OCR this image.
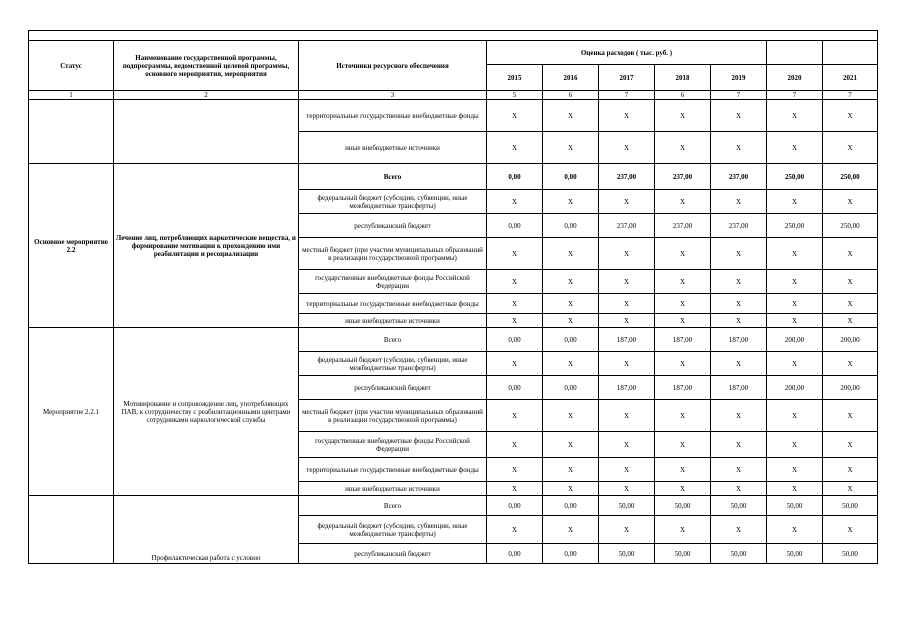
Статус	Наименование государственной программы, подпрограммы, ведомственной целевой программы, основного мероприятия, мероприятия	Источники ресурсного обеспечения	Оценка расходов ( тыс. руб. )						
			2015	2016	2017	2018	2019	2020	2021
1	2	3	5	6	7	6	7	7	7
		территориальные государственные внебюджетные фонды	X	X	X	X	X	X	X
		иные внебюджетные источники	X	X	X	X	X	X	X
Основное мероприятие 2.2	Лечение лиц, потребляющих наркотические вещества, и формирование мотивации к прохождению ими реабилитации и ресоциализации	Всего	0,00	0,00	237,00	237,00	237,00	250,00	250,00
		федеральный бюджет (субсидии, субвенции, иные межбюджетные трансферты)	X	X	X	X	X	X	X
		республиканский бюджет	0,00	0,00	237,00	237,00	237,00	250,00	250,00
		местный бюджет (при участии муниципальных образований в реализации государственной программы)	X	X	X	X	X	X	X
		государственные внебюджетные фонды Российской Федерации	X	X	X	X	X	X	X
		территориальные государственные внебюджетные фонды	X	X	X	X	X	X	X
		иные внебюджетные источники	X	X	X	X	X	X	X
Мероприятие 2.2.1	Мотивирование и сопровождение лиц, употребляющих ПАВ, к сотрудничеству с реабилитационными центрами сотрудниками наркологической службы	Всего	0,00	0,00	187,00	187,00	187,00	200,00	200,00
		федеральный бюджет (субсидии, субвенции, иные межбюджетные трансферты)	X	X	X	X	X	X	X
		республиканский бюджет	0,00	0,00	187,00	187,00	187,00	200,00	200,00
		местный бюджет (при участии муниципальных образований в реализации государственной программы)	X	X	X	X	X	X	X
		государственные внебюджетные фонды Российской Федерации	X	X	X	X	X	X	X
		территориальные государственные внебюджетные фонды	X	X	X	X	X	X	X
		иные внебюджетные источники	X	X	X	X	X	X	X
	Профилактическая работа с условно	Всего	0,00	0,00	50,00	50,00	50,00	50,00	50,00
		федеральный бюджет (субсидии, субвенции, иные межбюджетные трансферты)	X	X	X	X	X	X	X
		республиканский бюджет	0,00	0,00	50,00	50,00	50,00	50,00	50,00
